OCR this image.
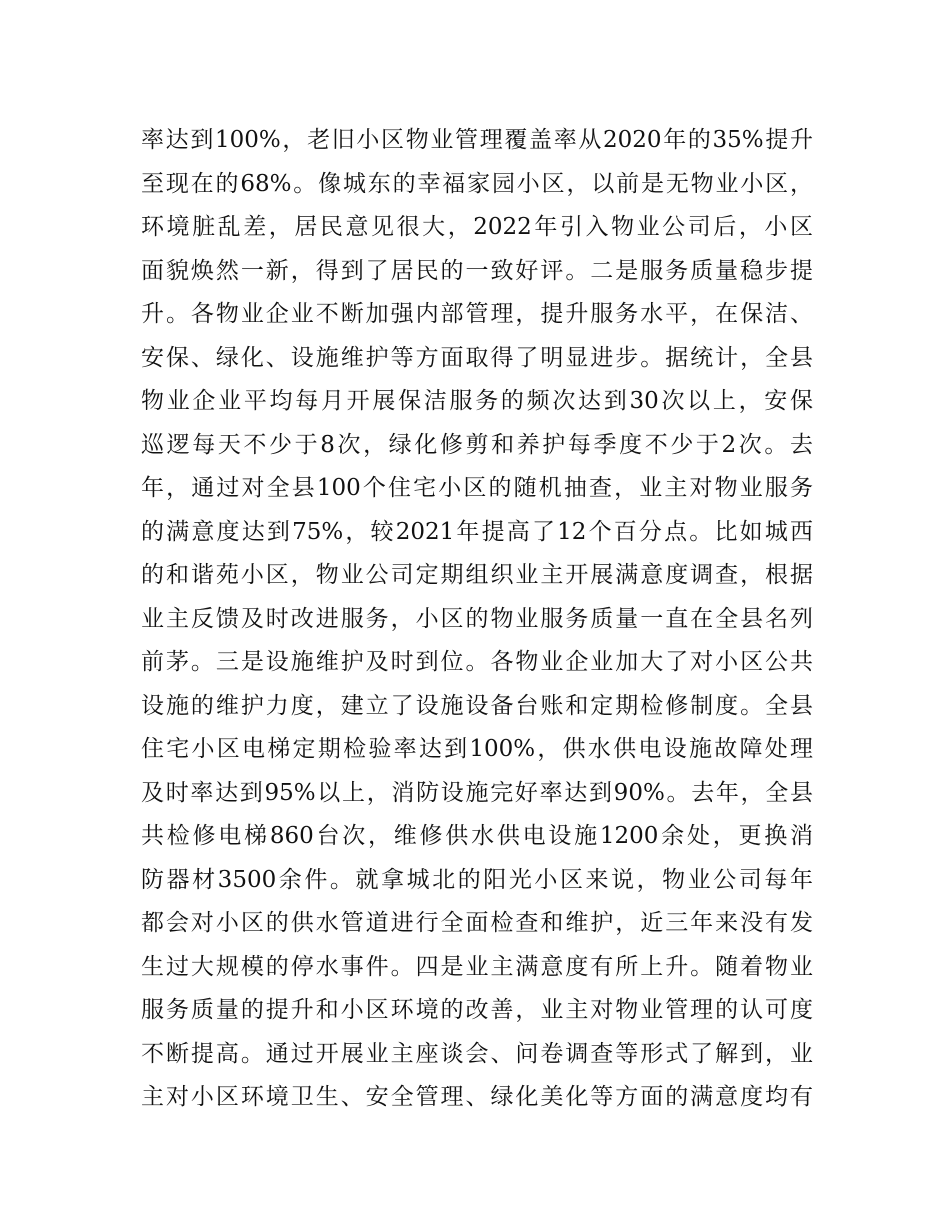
率达到100%，老旧小区物业管理覆盖率从2020年的35%提升
至现在的68%。像城东的幸福家园小区，以前是无物业小区，
环境脏乱差，居民意见很大，2022年引入物业公司后，小区
面貌焕然一新，得到了居民的一致好评。二是服务质量稳步提
升。各物业企业不断加强内部管理，提升服务水平，在保洁、
安保、绿化、设施维护等方面取得了明显进步。据统计，全县
物业企业平均每月开展保洁服务的频次达到30次以上，安保
巡逻每天不少于8次，绿化修剪和养护每季度不少于2次。去
年，通过对全县100个住宅小区的随机抽查，业主对物业服务
的满意度达到75%，较2021年提高了12个百分点。比如城西
的和谐苑小区，物业公司定期组织业主开展满意度调查，根据
业主反馈及时改进服务，小区的物业服务质量一直在全县名列
前茅。三是设施维护及时到位。各物业企业加大了对小区公共
设施的维护力度，建立了设施设备台账和定期检修制度。全县
住宅小区电梯定期检验率达到100%，供水供电设施故障处理
及时率达到95%以上，消防设施完好率达到90%。去年，全县
共检修电梯860台次，维修供水供电设施1200余处，更换消
防器材3500余件。就拿城北的阳光小区来说，物业公司每年
都会对小区的供水管道进行全面检查和维护，近三年来没有发
生过大规模的停水事件。四是业主满意度有所上升。随着物业
服务质量的提升和小区环境的改善，业主对物业管理的认可度
不断提高。通过开展业主座谈会、问卷调查等形式了解到，业
主对小区环境卫生、安全管理、绿化美化等方面的满意度均有
